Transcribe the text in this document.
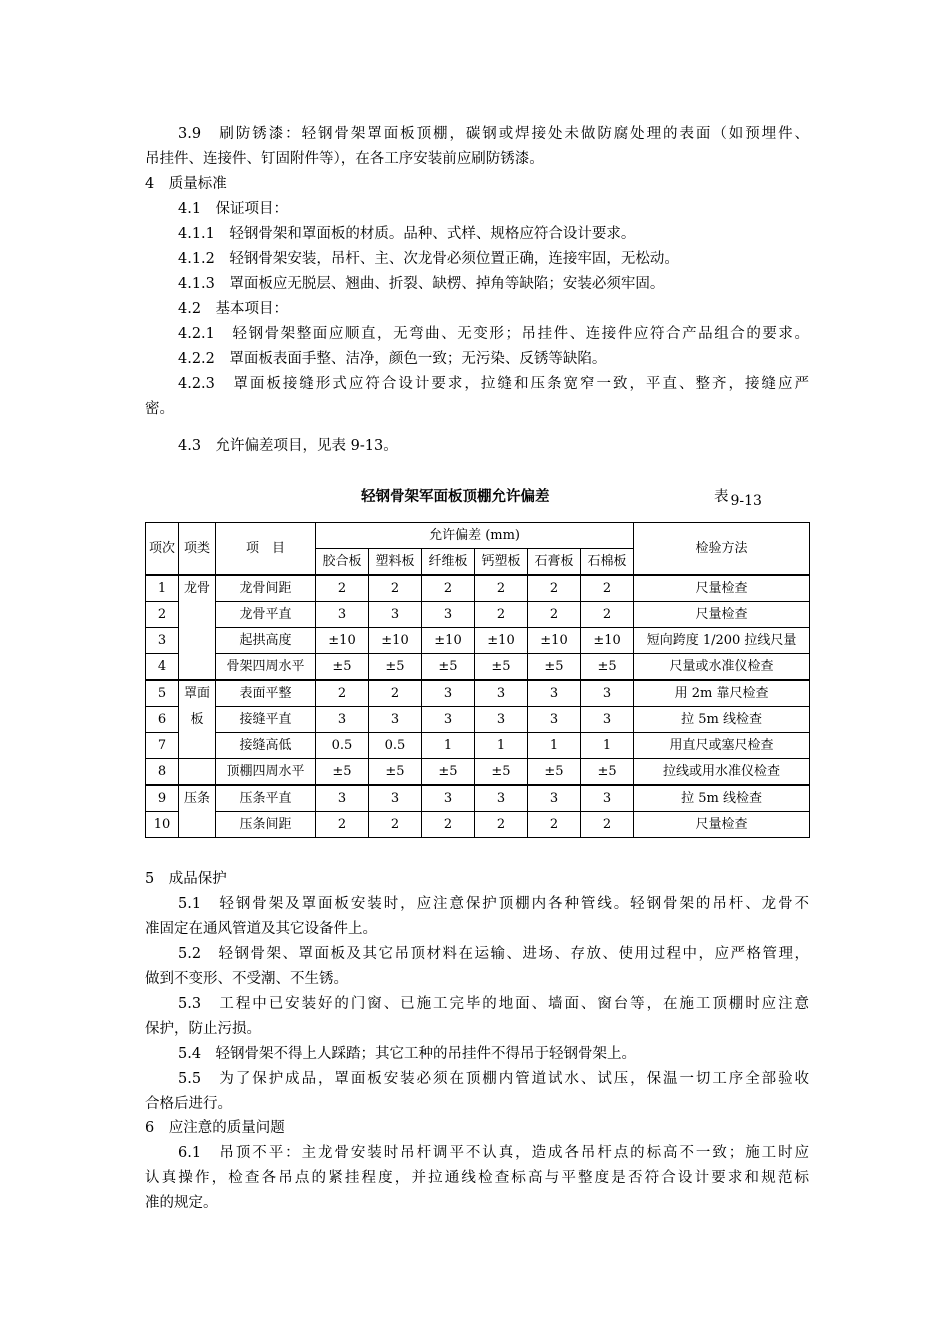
3.9　刷防锈漆：轻钢骨架罩面板顶棚，碳钢或焊接处未做防腐处理的表面（如预埋件、
吊挂件、连接件、钉固附件等），在各工序安装前应刷防锈漆。
4　质量标准
4.1　保证项目：
4.1.1　轻钢骨架和罩面板的材质。品种、式样、规格应符合设计要求。
4.1.2　轻钢骨架安装，吊杆、主、次龙骨必须位置正确，连接牢固，无松动。
4.1.3　罩面板应无脱层、翘曲、折裂、缺楞、掉角等缺陷；安装必须牢固。
4.2　基本项目：
4.2.1　轻钢骨架整面应顺直，无弯曲、无变形；吊挂件、连接件应符合产品组合的要求。
4.2.2　罩面板表面手整、洁净，颜色一致；无污染、反锈等缺陷。
4.2.3　罩面板接缝形式应符合设计要求，拉缝和压条宽窄一致，平直、整齐，接缝应严
密。
4.3　允许偏差项目，见表 9-13。
轻钢骨架军面板顶棚允许偏差	表 9-13
项次	项类	项　目	允许偏差 (mm)						检验方法
			胶合板	塑料板	纤维板	钙塑板	石膏板	石棉板	
1	龙骨	龙骨间距	2	2	2	2	2	2	尺量检查
2		龙骨平直	3	3	3	2	2	2	尺量检查
3		起拱高度	±10	±10	±10	±10	±10	±10	短向跨度 1/200 拉线尺量
4		骨架四周水平	±5	±5	±5	±5	±5	±5	尺量或水准仪检查
5	罩面	表面平整	2	2	3	3	3	3	用 2m 靠尺检查
6	板	接缝平直	3	3	3	3	3	3	拉 5m 线检查
7		接缝高低	0.5	0.5	1	1	1	1	用直尺或塞尺检查
8		顶棚四周水平	±5	±5	±5	±5	±5	±5	拉线或用水准仪检查
9	压条	压条平直	3	3	3	3	3	3	拉 5m 线检查
10		压条间距	2	2	2	2	2	2	尺量检查
5　成品保护
5.1　轻钢骨架及罩面板安装时，应注意保护顶棚内各种管线。轻钢骨架的吊杆、龙骨不
准固定在通风管道及其它设备件上。
5.2　轻钢骨架、罩面板及其它吊顶材料在运输、进场、存放、使用过程中，应严格管理，
做到不变形、不受潮、不生锈。
5.3　工程中已安装好的门窗、已施工完毕的地面、墙面、窗台等，在施工顶棚时应注意
保护，防止污损。
5.4　轻钢骨架不得上人踩踏；其它工种的吊挂件不得吊于轻钢骨架上。
5.5　为了保护成品，罩面板安装必须在顶棚内管道试水、试压，保温一切工序全部验收
合格后进行。
6　应注意的质量问题
6.1　吊顶不平：主龙骨安装时吊杆调平不认真，造成各吊杆点的标高不一致；施工时应
认真操作，检查各吊点的紧挂程度，并拉通线检查标高与平整度是否符合设计要求和规范标
准的规定。
